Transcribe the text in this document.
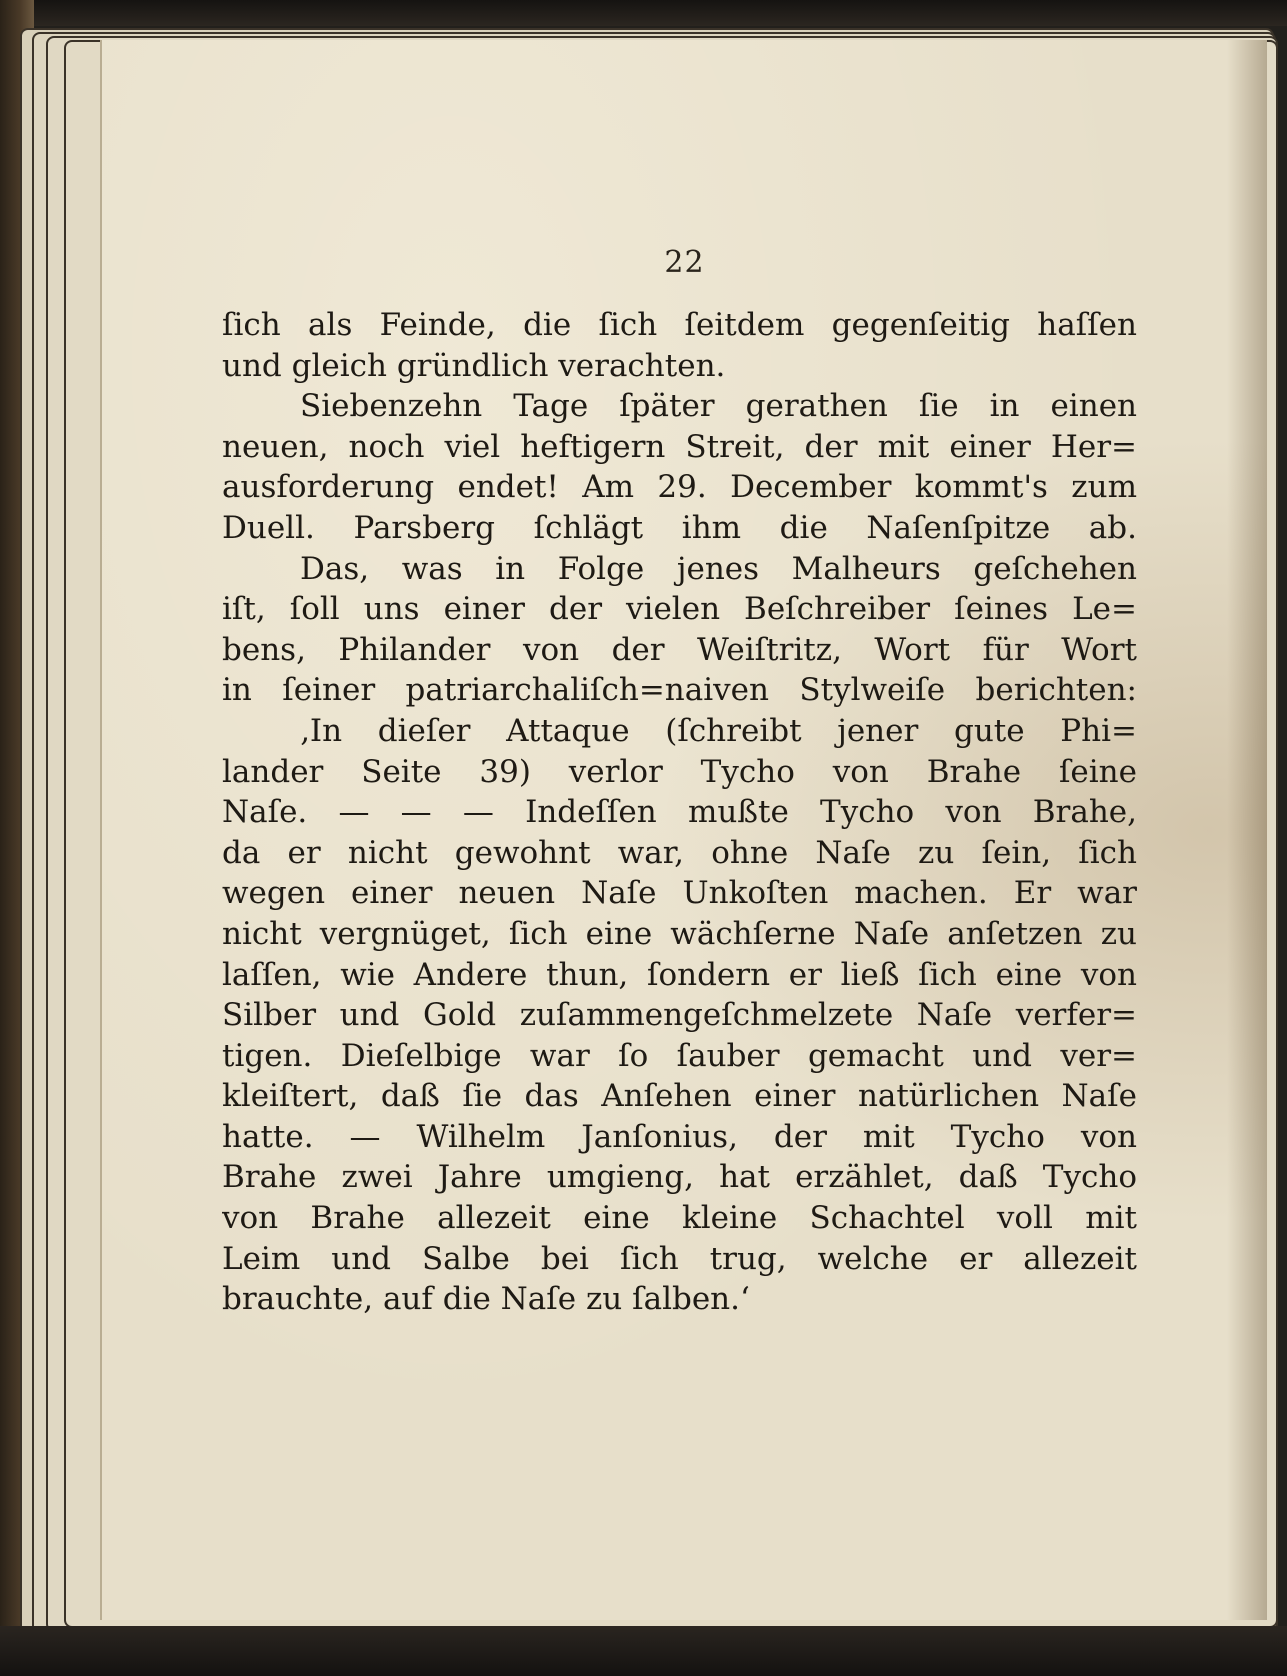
22
ſich als Feinde, die ſich ſeitdem gegenſeitig haſſen
und gleich gründlich verachten.
Siebenzehn Tage ſpäter gerathen ſie in einen
neuen, noch viel heftigern Streit, der mit einer Her=
ausforderung endet! Am 29. December kommt's zum
Duell. Parsberg ſchlägt ihm die Naſenſpitze ab.
Das, was in Folge jenes Malheurs geſchehen
iſt, ſoll uns einer der vielen Beſchreiber ſeines Le=
bens, Philander von der Weiſtritz, Wort für Wort
in ſeiner patriarchaliſch=naiven Stylweiſe berichten:
‚In dieſer Attaque (ſchreibt jener gute Phi=
lander Seite 39) verlor Tycho von Brahe ſeine
Naſe. — — — Indeſſen mußte Tycho von Brahe,
da er nicht gewohnt war, ohne Naſe zu ſein, ſich
wegen einer neuen Naſe Unkoſten machen. Er war
nicht vergnüget, ſich eine wächſerne Naſe anſetzen zu
laſſen, wie Andere thun, ſondern er ließ ſich eine von
Silber und Gold zuſammengeſchmelzete Naſe verfer=
tigen. Dieſelbige war ſo ſauber gemacht und ver=
kleiſtert, daß ſie das Anſehen einer natürlichen Naſe
hatte. — Wilhelm Janſonius, der mit Tycho von
Brahe zwei Jahre umgieng, hat erzählet, daß Tycho
von Brahe allezeit eine kleine Schachtel voll mit
Leim und Salbe bei ſich trug, welche er allezeit
brauchte, auf die Naſe zu ſalben.‘
